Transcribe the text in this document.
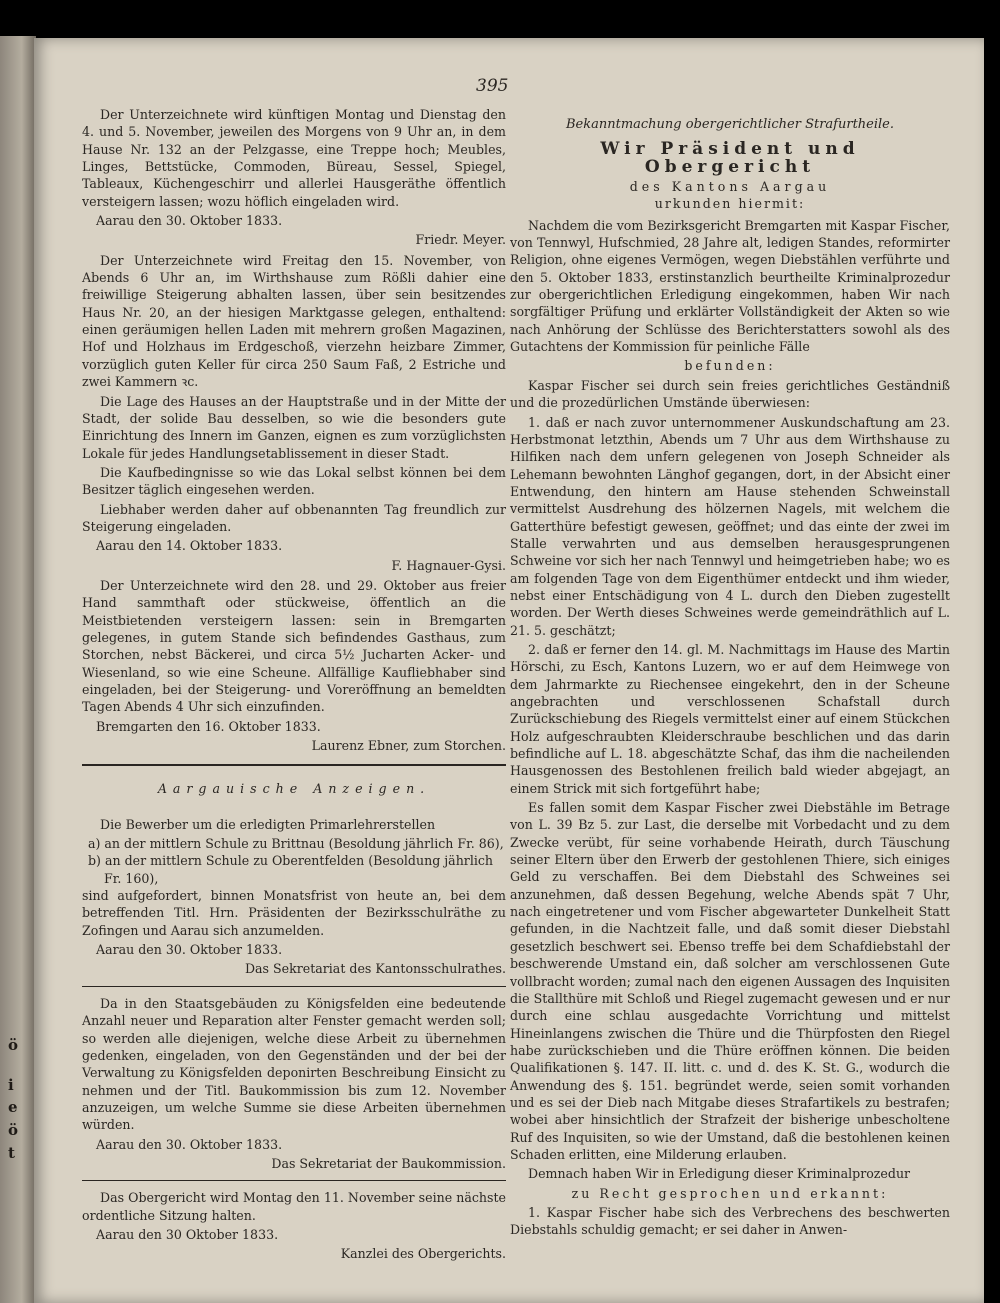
ö
i
e
ö
t
395

Der Unterzeichnete wird künftigen Montag und Dienstag den 4. und 5. November, jeweilen des Morgens von 9 Uhr an, in dem Hause Nr. 132 an der Pelzgasse, eine Treppe hoch; Meubles, Linges, Bettstücke, Commoden, Büreau, Sessel, Spiegel, Tableaux, Küchengeschirr und allerlei Hausgeräthe öffentlich versteigern lassen; wozu höflich eingeladen wird.

Aarau den 30. Oktober 1833.

Friedr. Meyer.

Der Unterzeichnete wird Freitag den 15. November, von Abends 6 Uhr an, im Wirthshause zum Rößli dahier eine freiwillige Steigerung abhalten lassen, über sein besitzendes Haus Nr. 20, an der hiesigen Marktgasse gelegen, enthaltend: einen geräumigen hellen Laden mit mehrern großen Magazinen, Hof und Holzhaus im Erdgeschoß, vierzehn heizbare Zimmer, vorzüglich guten Keller für circa 250 Saum Faß, 2 Estriche und zwei Kammern ꝛc.

Die Lage des Hauses an der Hauptstraße und in der Mitte der Stadt, der solide Bau desselben, so wie die besonders gute Einrichtung des Innern im Ganzen, eignen es zum vorzüglichsten Lokale für jedes Handlungsetablissement in dieser Stadt.

Die Kaufbedingnisse so wie das Lokal selbst können bei dem Besitzer täglich eingesehen werden.

Liebhaber werden daher auf obbenannten Tag freundlich zur Steigerung eingeladen.

Aarau den 14. Oktober 1833.

F. Hagnauer-Gysi.

Der Unterzeichnete wird den 28. und 29. Oktober aus freier Hand sammthaft oder stückweise, öffentlich an die Meistbietenden versteigern lassen: sein in Bremgarten gelegenes, in gutem Stande sich befindendes Gasthaus, zum Storchen, nebst Bäckerei, und circa 5½ Jucharten Acker- und Wiesenland, so wie eine Scheune. Allfällige Kaufliebhaber sind eingeladen, bei der Steigerung- und Voreröffnung an bemeldten Tagen Abends 4 Uhr sich einzufinden.

Bremgarten den 16. Oktober 1833.

Laurenz Ebner, zum Storchen.

Aargauische Anzeigen.

Die Bewerber um die erledigten Primarlehrerstellen

a) an der mittlern Schule zu Brittnau (Besoldung jährlich Fr. 86),

b) an der mittlern Schule zu Oberentfelden (Besoldung jährlich Fr. 160),

sind aufgefordert, binnen Monatsfrist von heute an, bei dem betreffenden Titl. Hrn. Präsidenten der Bezirksschulräthe zu Zofingen und Aarau sich anzumelden.

Aarau den 30. Oktober 1833.

Das Sekretariat des Kantonsschulrathes.

Da in den Staatsgebäuden zu Königsfelden eine bedeutende Anzahl neuer und Reparation alter Fenster gemacht werden soll; so werden alle diejenigen, welche diese Arbeit zu übernehmen gedenken, eingeladen, von den Gegenständen und der bei der Verwaltung zu Königsfelden deponirten Beschreibung Einsicht zu nehmen und der Titl. Baukommission bis zum 12. November anzuzeigen, um welche Summe sie diese Arbeiten übernehmen würden.

Aarau den 30. Oktober 1833.

Das Sekretariat der Baukommission.

Das Obergericht wird Montag den 11. November seine nächste ordentliche Sitzung halten.

Aarau den 30 Oktober 1833.

Kanzlei des Obergerichts.

Bekanntmachung obergerichtlicher Strafurtheile.
Wir Präsident und Obergericht
des Kantons Aargau
urkunden hiermit:

Nachdem die vom Bezirksgericht Bremgarten mit Kaspar Fischer, von Tennwyl, Hufschmied, 28 Jahre alt, ledigen Standes, reformirter Religion, ohne eigenes Vermögen, wegen Diebstählen verführte und den 5. Oktober 1833, erstinstanzlich beurtheilte Kriminalprozedur zur obergerichtlichen Erledigung eingekommen, haben Wir nach sorgfältiger Prüfung und erklärter Vollständigkeit der Akten so wie nach Anhörung der Schlüsse des Berichterstatters sowohl als des Gutachtens der Kommission für peinliche Fälle

befunden:

Kaspar Fischer sei durch sein freies gerichtliches Geständniß und die prozedürlichen Umstände überwiesen:

1. daß er nach zuvor unternommener Auskundschaftung am 23. Herbstmonat letzthin, Abends um 7 Uhr aus dem Wirthshause zu Hilfiken nach dem unfern gelegenen von Joseph Schneider als Lehemann bewohnten Länghof gegangen, dort, in der Absicht einer Entwendung, den hintern am Hause stehenden Schweinstall vermittelst Ausdrehung des hölzernen Nagels, mit welchem die Gatterthüre befestigt gewesen, geöffnet; und das einte der zwei im Stalle verwahrten und aus demselben herausgesprungenen Schweine vor sich her nach Tennwyl und heimgetrieben habe; wo es am folgenden Tage von dem Eigenthümer entdeckt und ihm wieder, nebst einer Entschädigung von 4 L. durch den Dieben zugestellt worden. Der Werth dieses Schweines werde gemeindräthlich auf L. 21. 5. geschätzt;

2. daß er ferner den 14. gl. M. Nachmittags im Hause des Martin Hörschi, zu Esch, Kantons Luzern, wo er auf dem Heimwege von dem Jahrmarkte zu Riechensee eingekehrt, den in der Scheune angebrachten und verschlossenen Schafstall durch Zurückschiebung des Riegels vermittelst einer auf einem Stückchen Holz aufgeschraubten Kleiderschraube beschlichen und das darin befindliche auf L. 18. abgeschätzte Schaf, das ihm die nacheilenden Hausgenossen des Bestohlenen freilich bald wieder abgejagt, an einem Strick mit sich fortgeführt habe;

Es fallen somit dem Kaspar Fischer zwei Diebstähle im Betrage von L. 39 Bz 5. zur Last, die derselbe mit Vorbedacht und zu dem Zwecke verübt, für seine vorhabende Heirath, durch Täuschung seiner Eltern über den Erwerb der gestohlenen Thiere, sich einiges Geld zu verschaffen. Bei dem Diebstahl des Schweines sei anzunehmen, daß dessen Begehung, welche Abends spät 7 Uhr, nach eingetretener und vom Fischer abgewarteter Dunkelheit Statt gefunden, in die Nachtzeit falle, und daß somit dieser Diebstahl gesetzlich beschwert sei. Ebenso treffe bei dem Schafdiebstahl der beschwerende Umstand ein, daß solcher am verschlossenen Gute vollbracht worden; zumal nach den eigenen Aussagen des Inquisiten die Stallthüre mit Schloß und Riegel zugemacht gewesen und er nur durch eine schlau ausgedachte Vorrichtung und mittelst Hineinlangens zwischen die Thüre und die Thürpfosten den Riegel habe zurückschieben und die Thüre eröffnen können. Die beiden Qualifikationen §. 147. II. litt. c. und d. des K. St. G., wodurch die Anwendung des §. 151. begründet werde, seien somit vorhanden und es sei der Dieb nach Mitgabe dieses Strafartikels zu bestrafen; wobei aber hinsichtlich der Strafzeit der bisherige unbescholtene Ruf des Inquisiten, so wie der Umstand, daß die bestohlenen keinen Schaden erlitten, eine Milderung erlauben.

Demnach haben Wir in Erledigung dieser Kriminalprozedur

zu Recht gesprochen und erkannt:

1. Kaspar Fischer habe sich des Verbrechens des beschwerten Diebstahls schuldig gemacht; er sei daher in Anwen-
